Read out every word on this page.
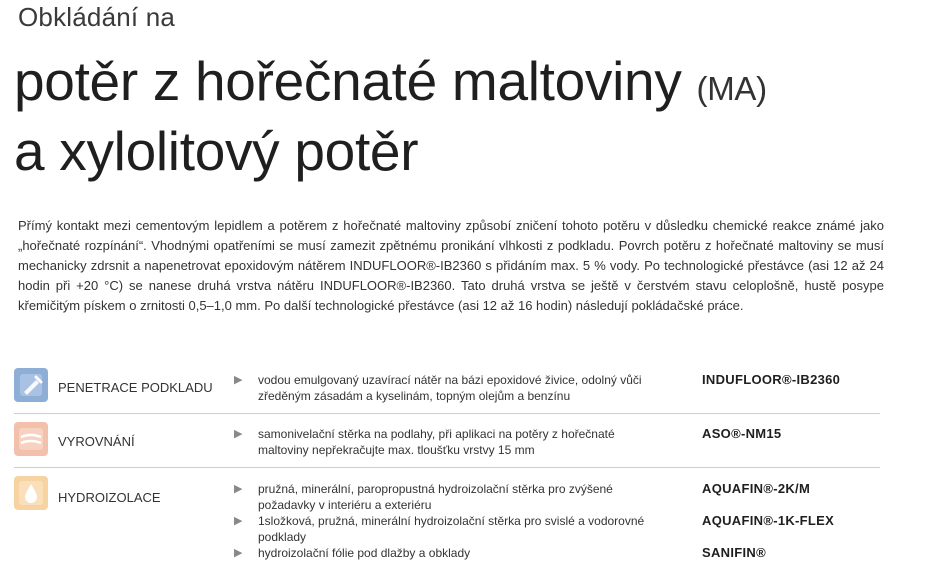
Obkládání na
potěr z hořečnaté maltoviny (MA)
a xylolitový potěr
Přímý kontakt mezi cementovým lepidlem a potěrem z hořečnaté maltoviny způsobí zničení tohoto potěru v důsledku chemické reakce známé jako „hořečnaté rozpínání“. Vhodnými opatřeními se musí zamezit zpětnému pronikání vlhkosti z podkladu. Povrch potěru z hořečnaté maltoviny se musí mechanicky zdrsnit a napenetrovat epoxidovým nátěrem INDUFLOOR®-IB2360 s přidáním max. 5 % vody. Po technologické přestávce (asi 12 až 24 hodin při +20 °C) se nanese druhá vrstva nátěru INDUFLOOR®-IB2360. Tato druhá vrstva se ještě v čerstvém stavu celoplošně, hustě posype křemičitým pískem o zrnitosti 0,5–1,0 mm. Po další technologické přestávce (asi 12 až 16 hodin) následují pokládačské práce.
PENETRACE PODKLADU ▶ vodou emulgovaný uzavírací nátěr na bázi epoxidové živice, odolný vůči zředěným zásadám a kyselinám, topným olejům a benzínu
INDUFLOOR®-IB2360
VYROVNÁNÍ	▶ samonivelační stěrka na podlahy, při aplikaci na potěry z hořečnaté maltoviny nepřekračujte max. tloušťku vrstvy 15 mm
ASO®-NM15
HYDROIZOLACE
▶ pružná, minerální, paropropustná hydroizolační stěrka pro zvýšené požadavky v interiéru a exteriéru
▶ 1složková, pružná, minerální hydroizolační stěrka pro svislé a vodorovné podklady
▶ hydroizolační fólie pod dlažby a obklady
AQUAFIN®-2K/M
AQUAFIN®-1K-FLEX
SANIFIN®
